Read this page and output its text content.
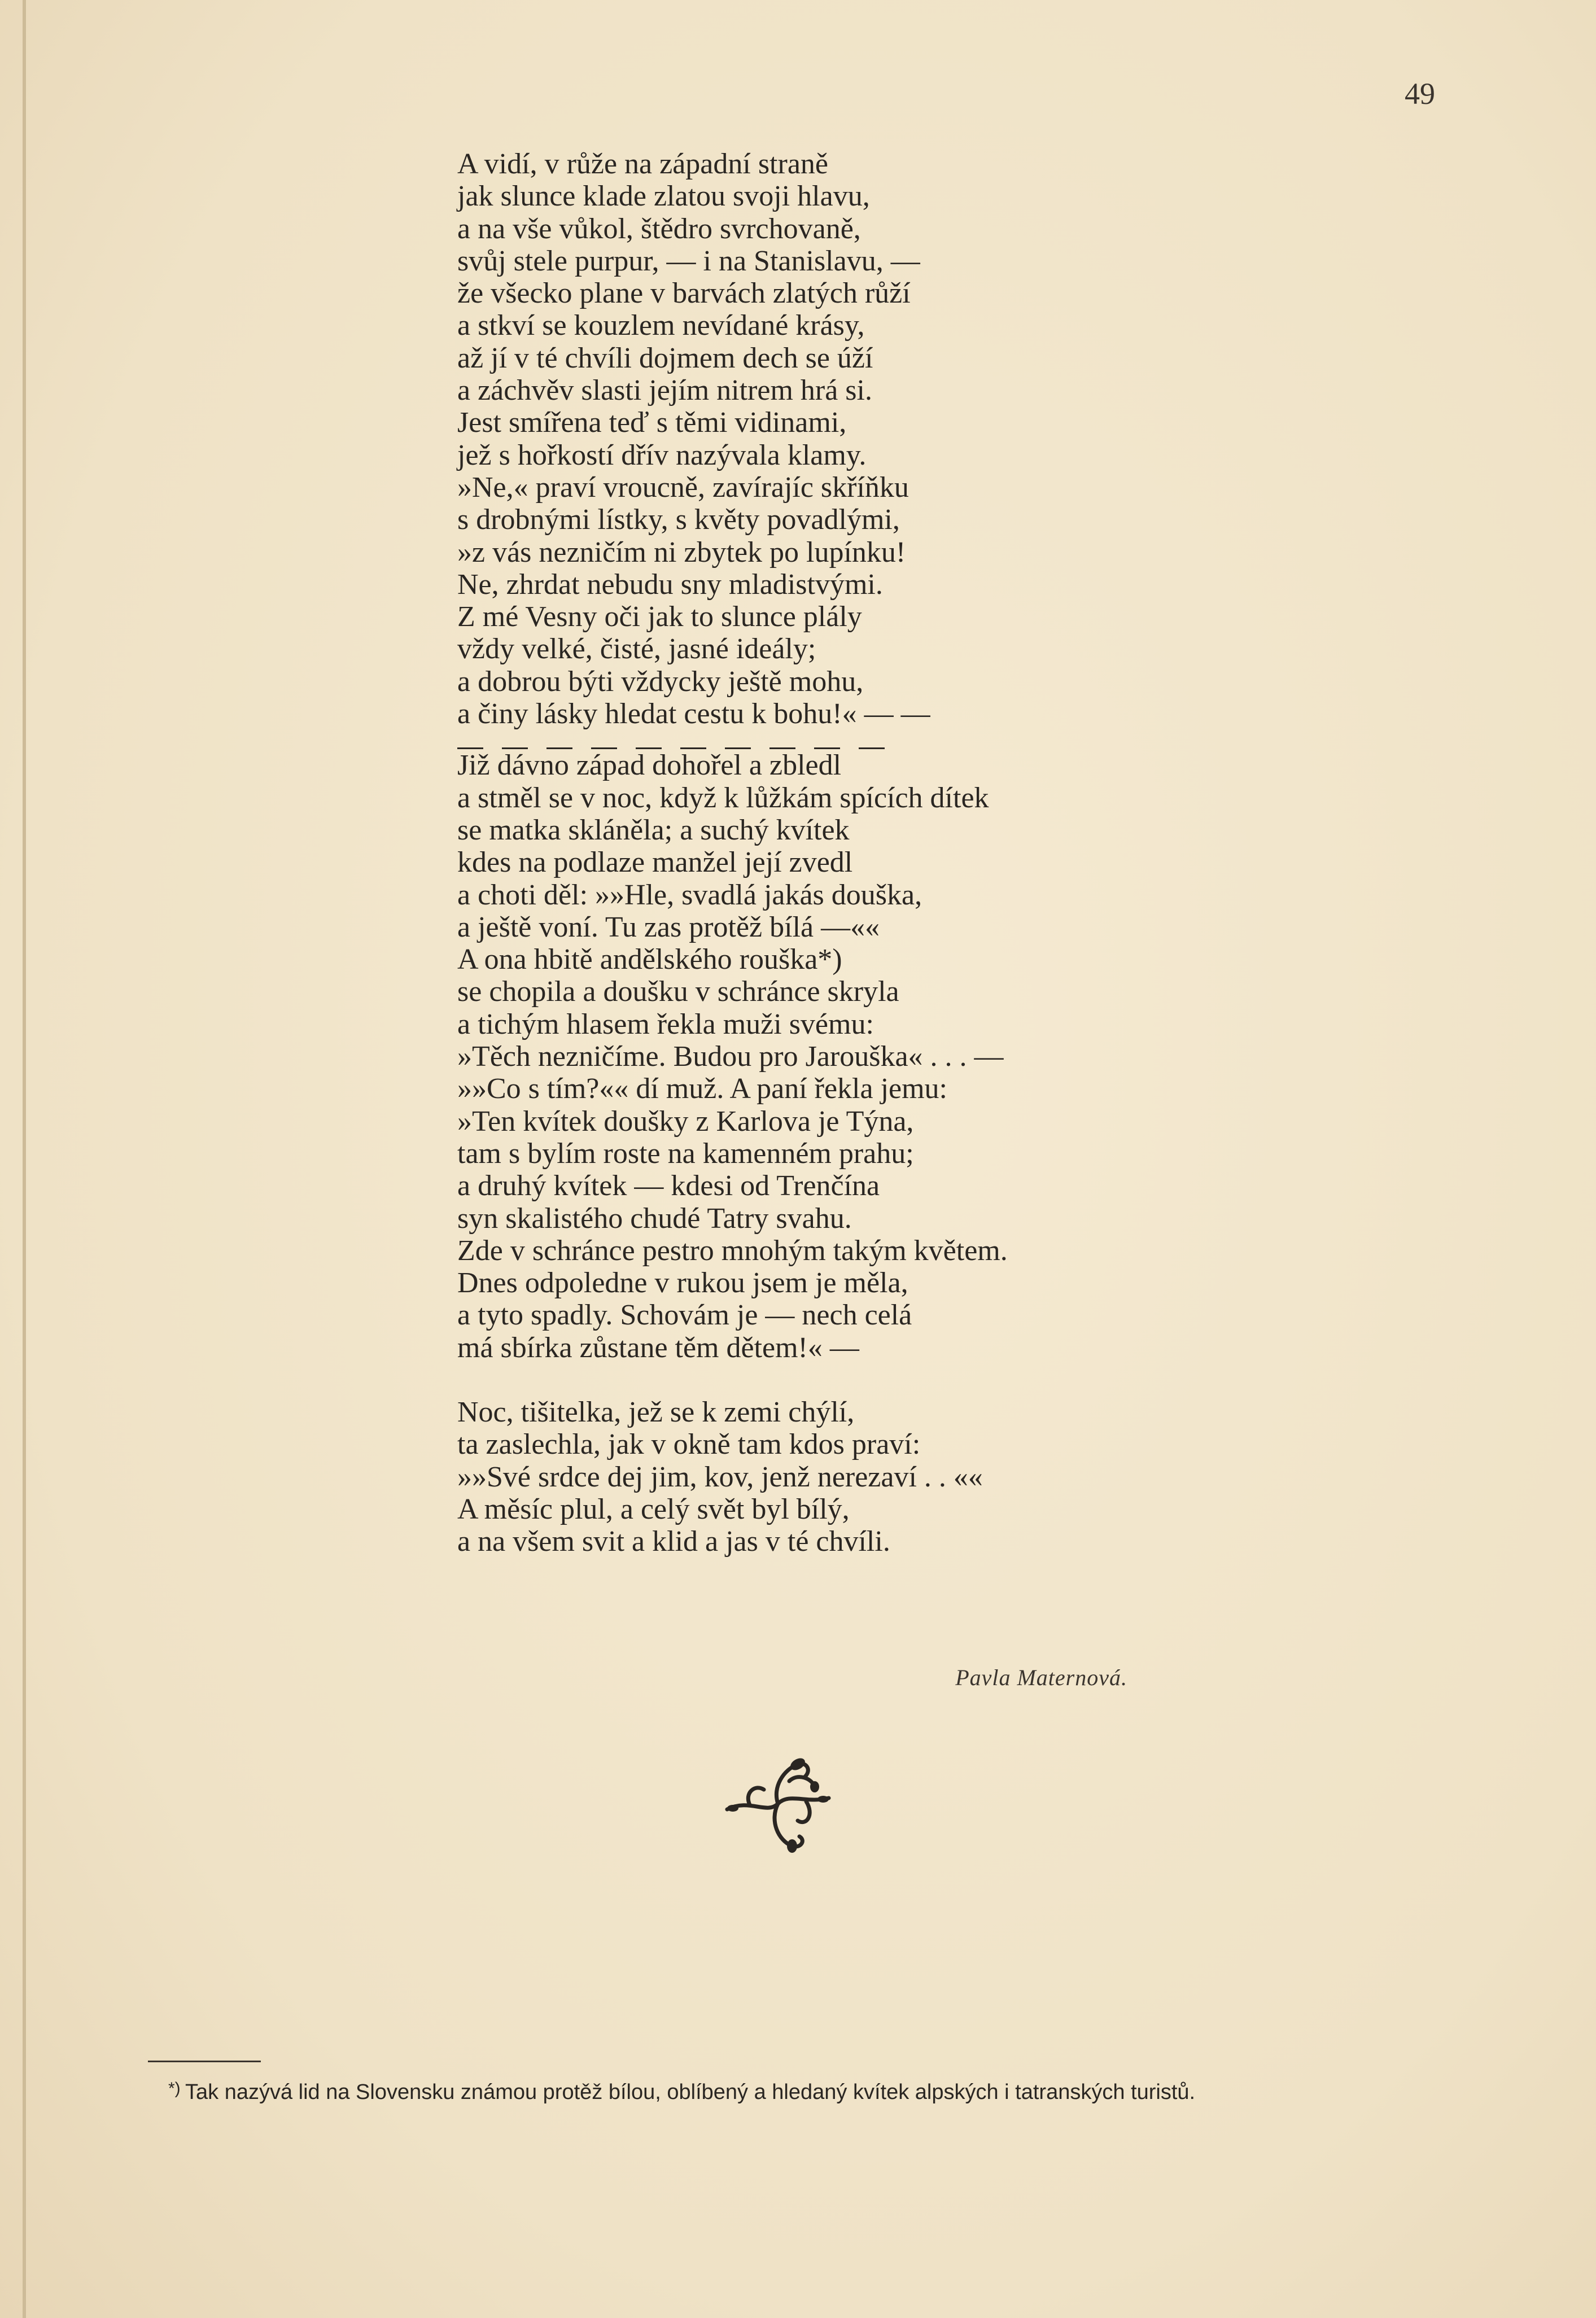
49
A vidí, v růže na západní straně
jak slunce klade zlatou svoji hlavu,
a na vše vůkol, štědro svrchovaně,
svůj stele purpur, — i na Stanislavu, —
že všecko plane v barvách zlatých růží
a stkví se kouzlem nevídané krásy,
až jí v té chvíli dojmem dech se úží
a záchvěv slasti jejím nitrem hrá si.
Jest smířena teď s těmi vidinami,
jež s hořkostí dřív nazývala klamy.
»Ne,« praví vroucně, zavírajíc skříňku
s drobnými lístky, s květy povadlými,
»z vás nezničím ni zbytek po lupínku!
Ne, zhrdat nebudu sny mladistvými.
Z mé Vesny oči jak to slunce plály
vždy velké, čisté, jasné ideály;
a dobrou býti vždycky ještě mohu,
a činy lásky hledat cestu k bohu!« — —
Již dávno západ dohořel a zbledl
a stměl se v noc, když k lůžkám spících dítek
se matka skláněla; a suchý kvítek
kdes na podlaze manžel její zvedl
a choti děl: »»Hle, svadlá jakás douška,
a ještě voní. Tu zas protěž bílá —««
A ona hbitě andělského rouška*)
se chopila a doušku v schránce skryla
a tichým hlasem řekla muži svému:
»Těch nezničíme. Budou pro Jarouška« . . . —
»»Co s tím?«« dí muž. A paní řekla jemu:
»Ten kvítek doušky z Karlova je Týna,
tam s bylím roste na kamenném prahu;
a druhý kvítek — kdesi od Trenčína
syn skalistého chudé Tatry svahu.
Zde v schránce pestro mnohým takým květem.
Dnes odpoledne v rukou jsem je měla,
a tyto spadly. Schovám je — nech celá
má sbírka zůstane těm dětem!« —
Noc, tišitelka, jež se k zemi chýlí,
ta zaslechla, jak v okně tam kdos praví:
»»Své srdce dej jim, kov, jenž nerezaví . . ««
A měsíc plul, a celý svět byl bílý,
a na všem svit a klid a jas v té chvíli.
Pavla Maternová.
*) Tak nazývá lid na Slovensku známou protěž bílou, oblíbený a hledaný kvítek alpských i tatranských turistů.
